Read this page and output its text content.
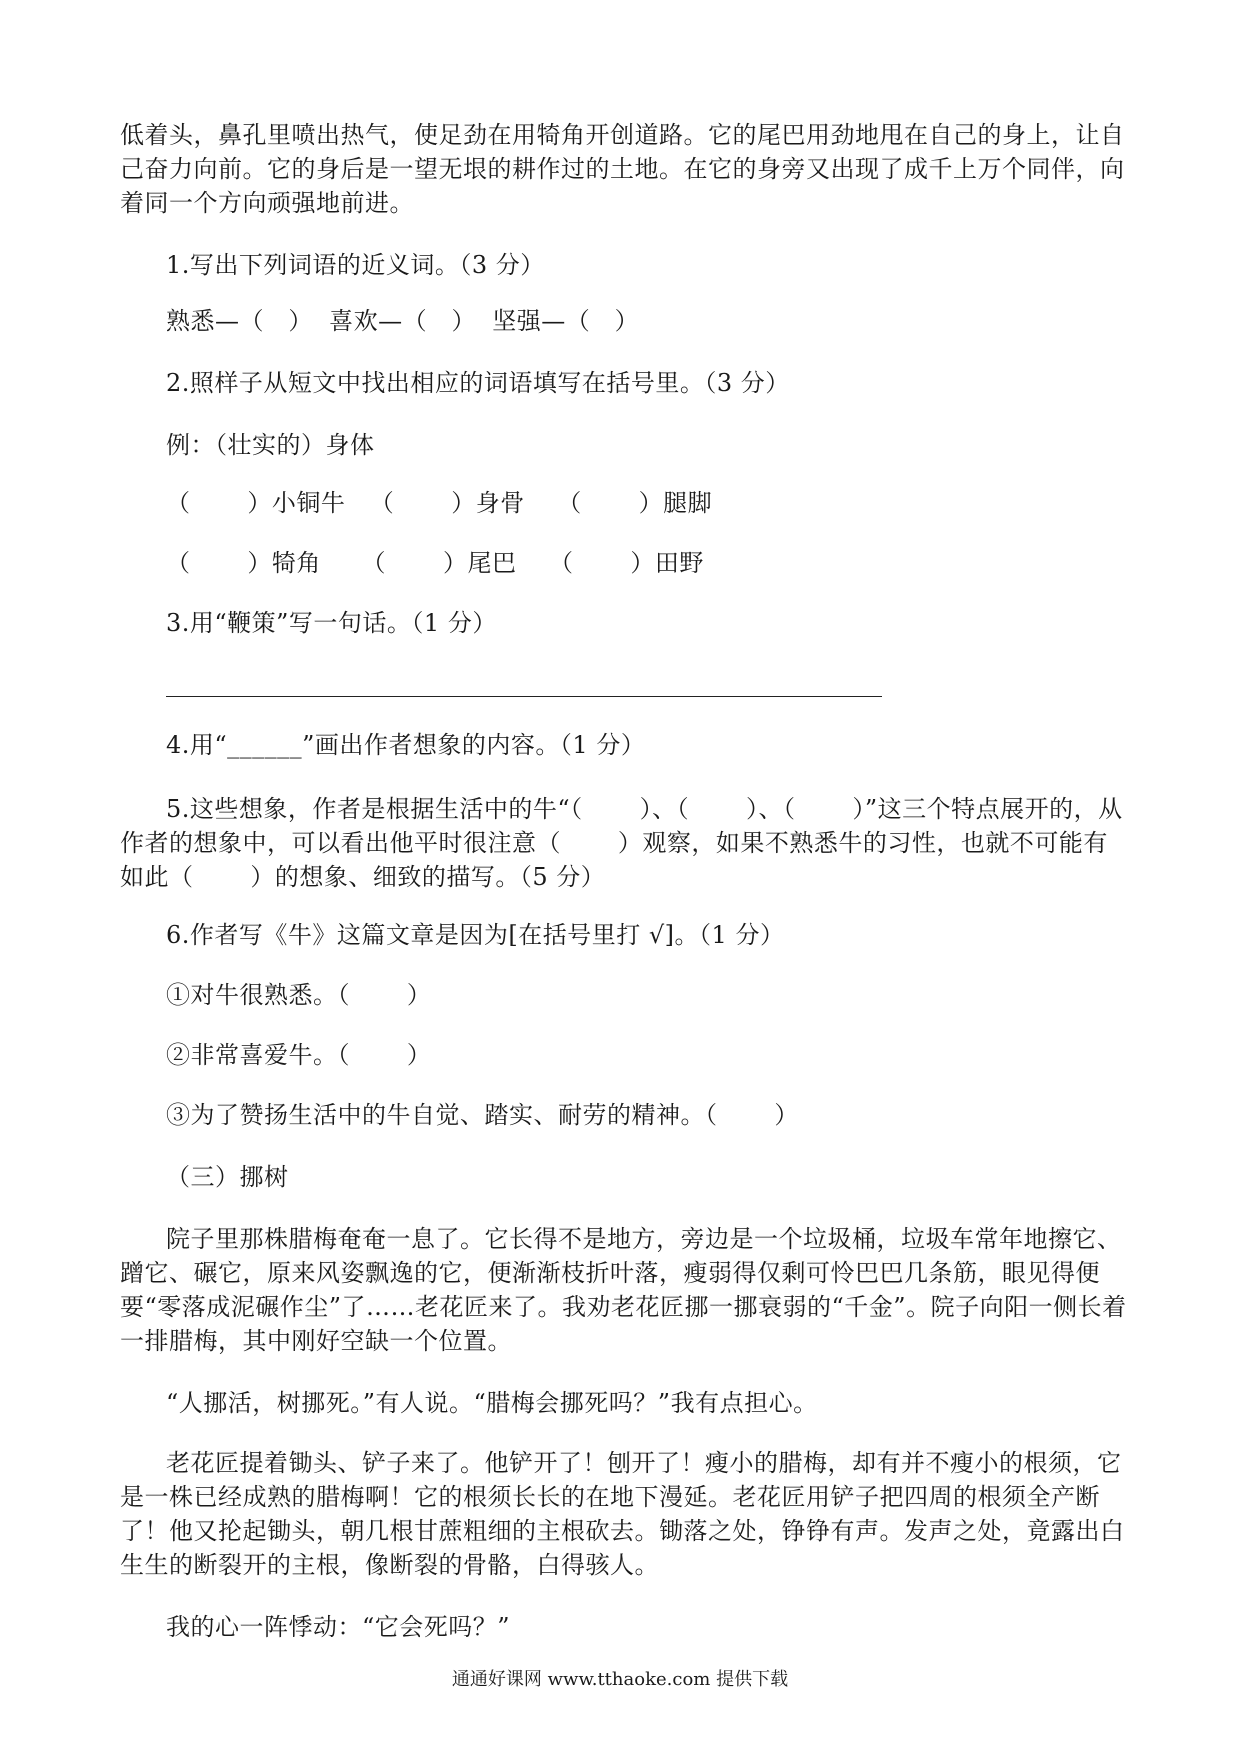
低着头，鼻孔里喷出热气，使足劲在用犄角开创道路。它的尾巴用劲地甩在自己的身上，让自己奋力向前。它的身后是一望无垠的耕作过的土地。在它的身旁又出现了成千上万个同伴，向着同一个方向顽强地前进。

1.写出下列词语的近义词。（3 分）

熟悉—（   ）  喜欢—（   ）  坚强—（   ）

2.照样子从短文中找出相应的词语填写在括号里。（3 分）

例：（壮实的）身体

（       ）小铜牛   （       ）身骨    （       ）腿脚

（       ）犄角     （       ）尾巴    （       ）田野

3.用“鞭策”写一句话。（1 分）

4.用“______”画出作者想象的内容。（1 分）

5.这些想象，作者是根据生活中的牛“（       ）、（       ）、（       ）”这三个特点展开的，从作者的想象中，可以看出他平时很注意（       ）观察，如果不熟悉牛的习性，也就不可能有如此（       ）的想象、细致的描写。（5 分）

6.作者写《牛》这篇文章是因为[在括号里打 √]。（1 分）

①对牛很熟悉。（       ）

②非常喜爱牛。（       ）

③为了赞扬生活中的牛自觉、踏实、耐劳的精神。（       ）

（三）挪树

院子里那株腊梅奄奄一息了。它长得不是地方，旁边是一个垃圾桶，垃圾车常年地擦它、蹭它、碾它，原来风姿飘逸的它，便渐渐枝折叶落，瘦弱得仅剩可怜巴巴几条筋，眼见得便要“零落成泥碾作尘”了……老花匠来了。我劝老花匠挪一挪衰弱的“千金”。院子向阳一侧长着一排腊梅，其中刚好空缺一个位置。

“人挪活，树挪死。”有人说。“腊梅会挪死吗？”我有点担心。

老花匠提着锄头、铲子来了。他铲开了！刨开了！瘦小的腊梅，却有并不瘦小的根须，它是一株已经成熟的腊梅啊！它的根须长长的在地下漫延。老花匠用铲子把四周的根须全产断了！他又抡起锄头，朝几根甘蔗粗细的主根砍去。锄落之处，铮铮有声。发声之处，竟露出白生生的断裂开的主根，像断裂的骨骼，白得骇人。

我的心一阵悸动：“它会死吗？”

通通好课网 www.tthaoke.com 提供下载
